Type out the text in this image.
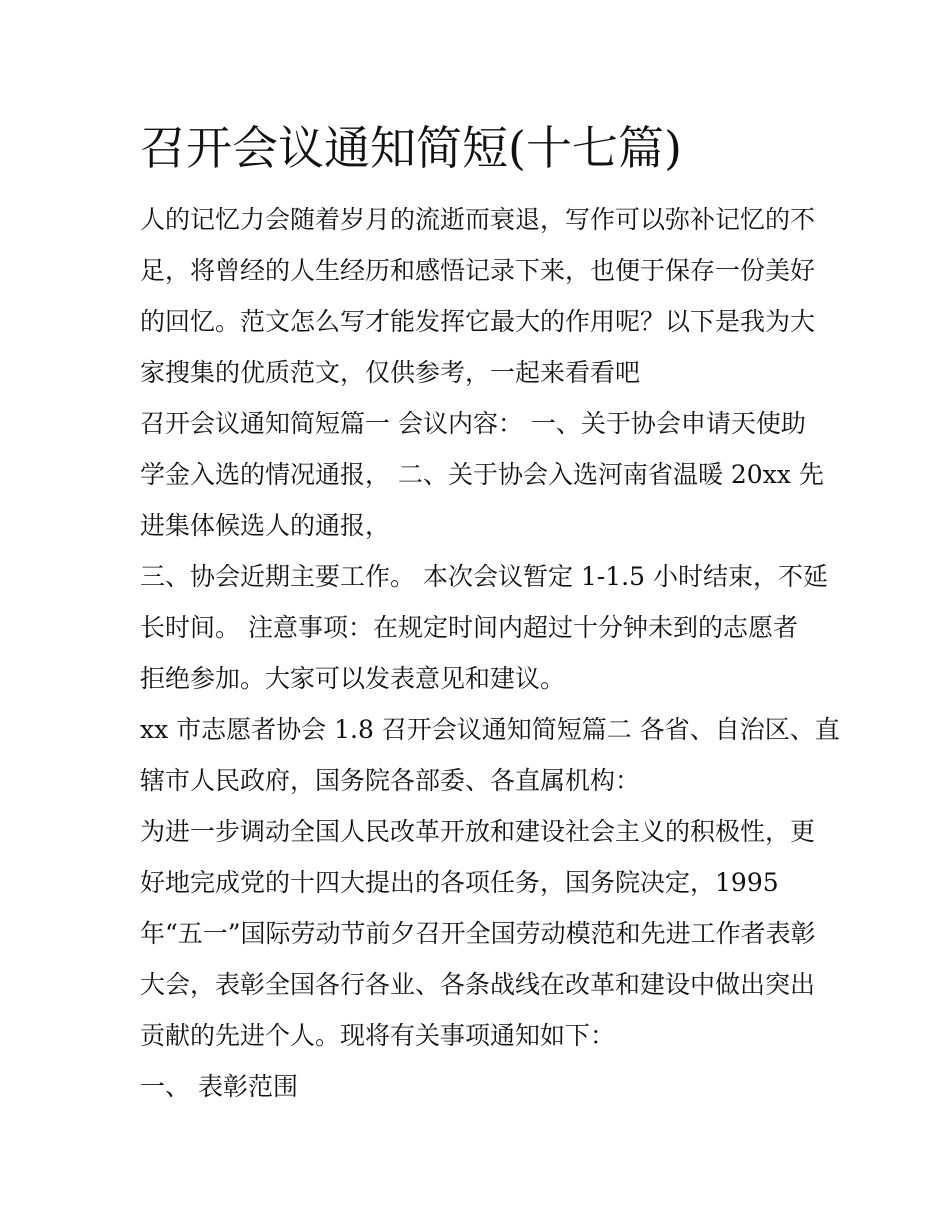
召开会议通知简短(十七篇)

人的记忆力会随着岁月的流逝而衰退，写作可以弥补记忆的不

足，将曾经的人生经历和感悟记录下来，也便于保存一份美好

的回忆。范文怎么写才能发挥它最大的作用呢？以下是我为大

家搜集的优质范文，仅供参考，一起来看看吧

召开会议通知简短篇一 会议内容： 一、关于协会申请天使助

学金入选的情况通报， 二、关于协会入选河南省温暖 20xx 先

进集体候选人的通报，

三、协会近期主要工作。 本次会议暂定 1-1.5 小时结束，不延

长时间。 注意事项：在规定时间内超过十分钟未到的志愿者

拒绝参加。大家可以发表意见和建议。

xx 市志愿者协会 1.8 召开会议通知简短篇二 各省、自治区、直

辖市人民政府，国务院各部委、各直属机构：

为进一步调动全国人民改革开放和建设社会主义的积极性，更

好地完成党的十四大提出的各项任务，国务院决定，1995

年“五一”国际劳动节前夕召开全国劳动模范和先进工作者表彰

大会，表彰全国各行各业、各条战线在改革和建设中做出突出

贡献的先进个人。现将有关事项通知如下：

一、 表彰范围
